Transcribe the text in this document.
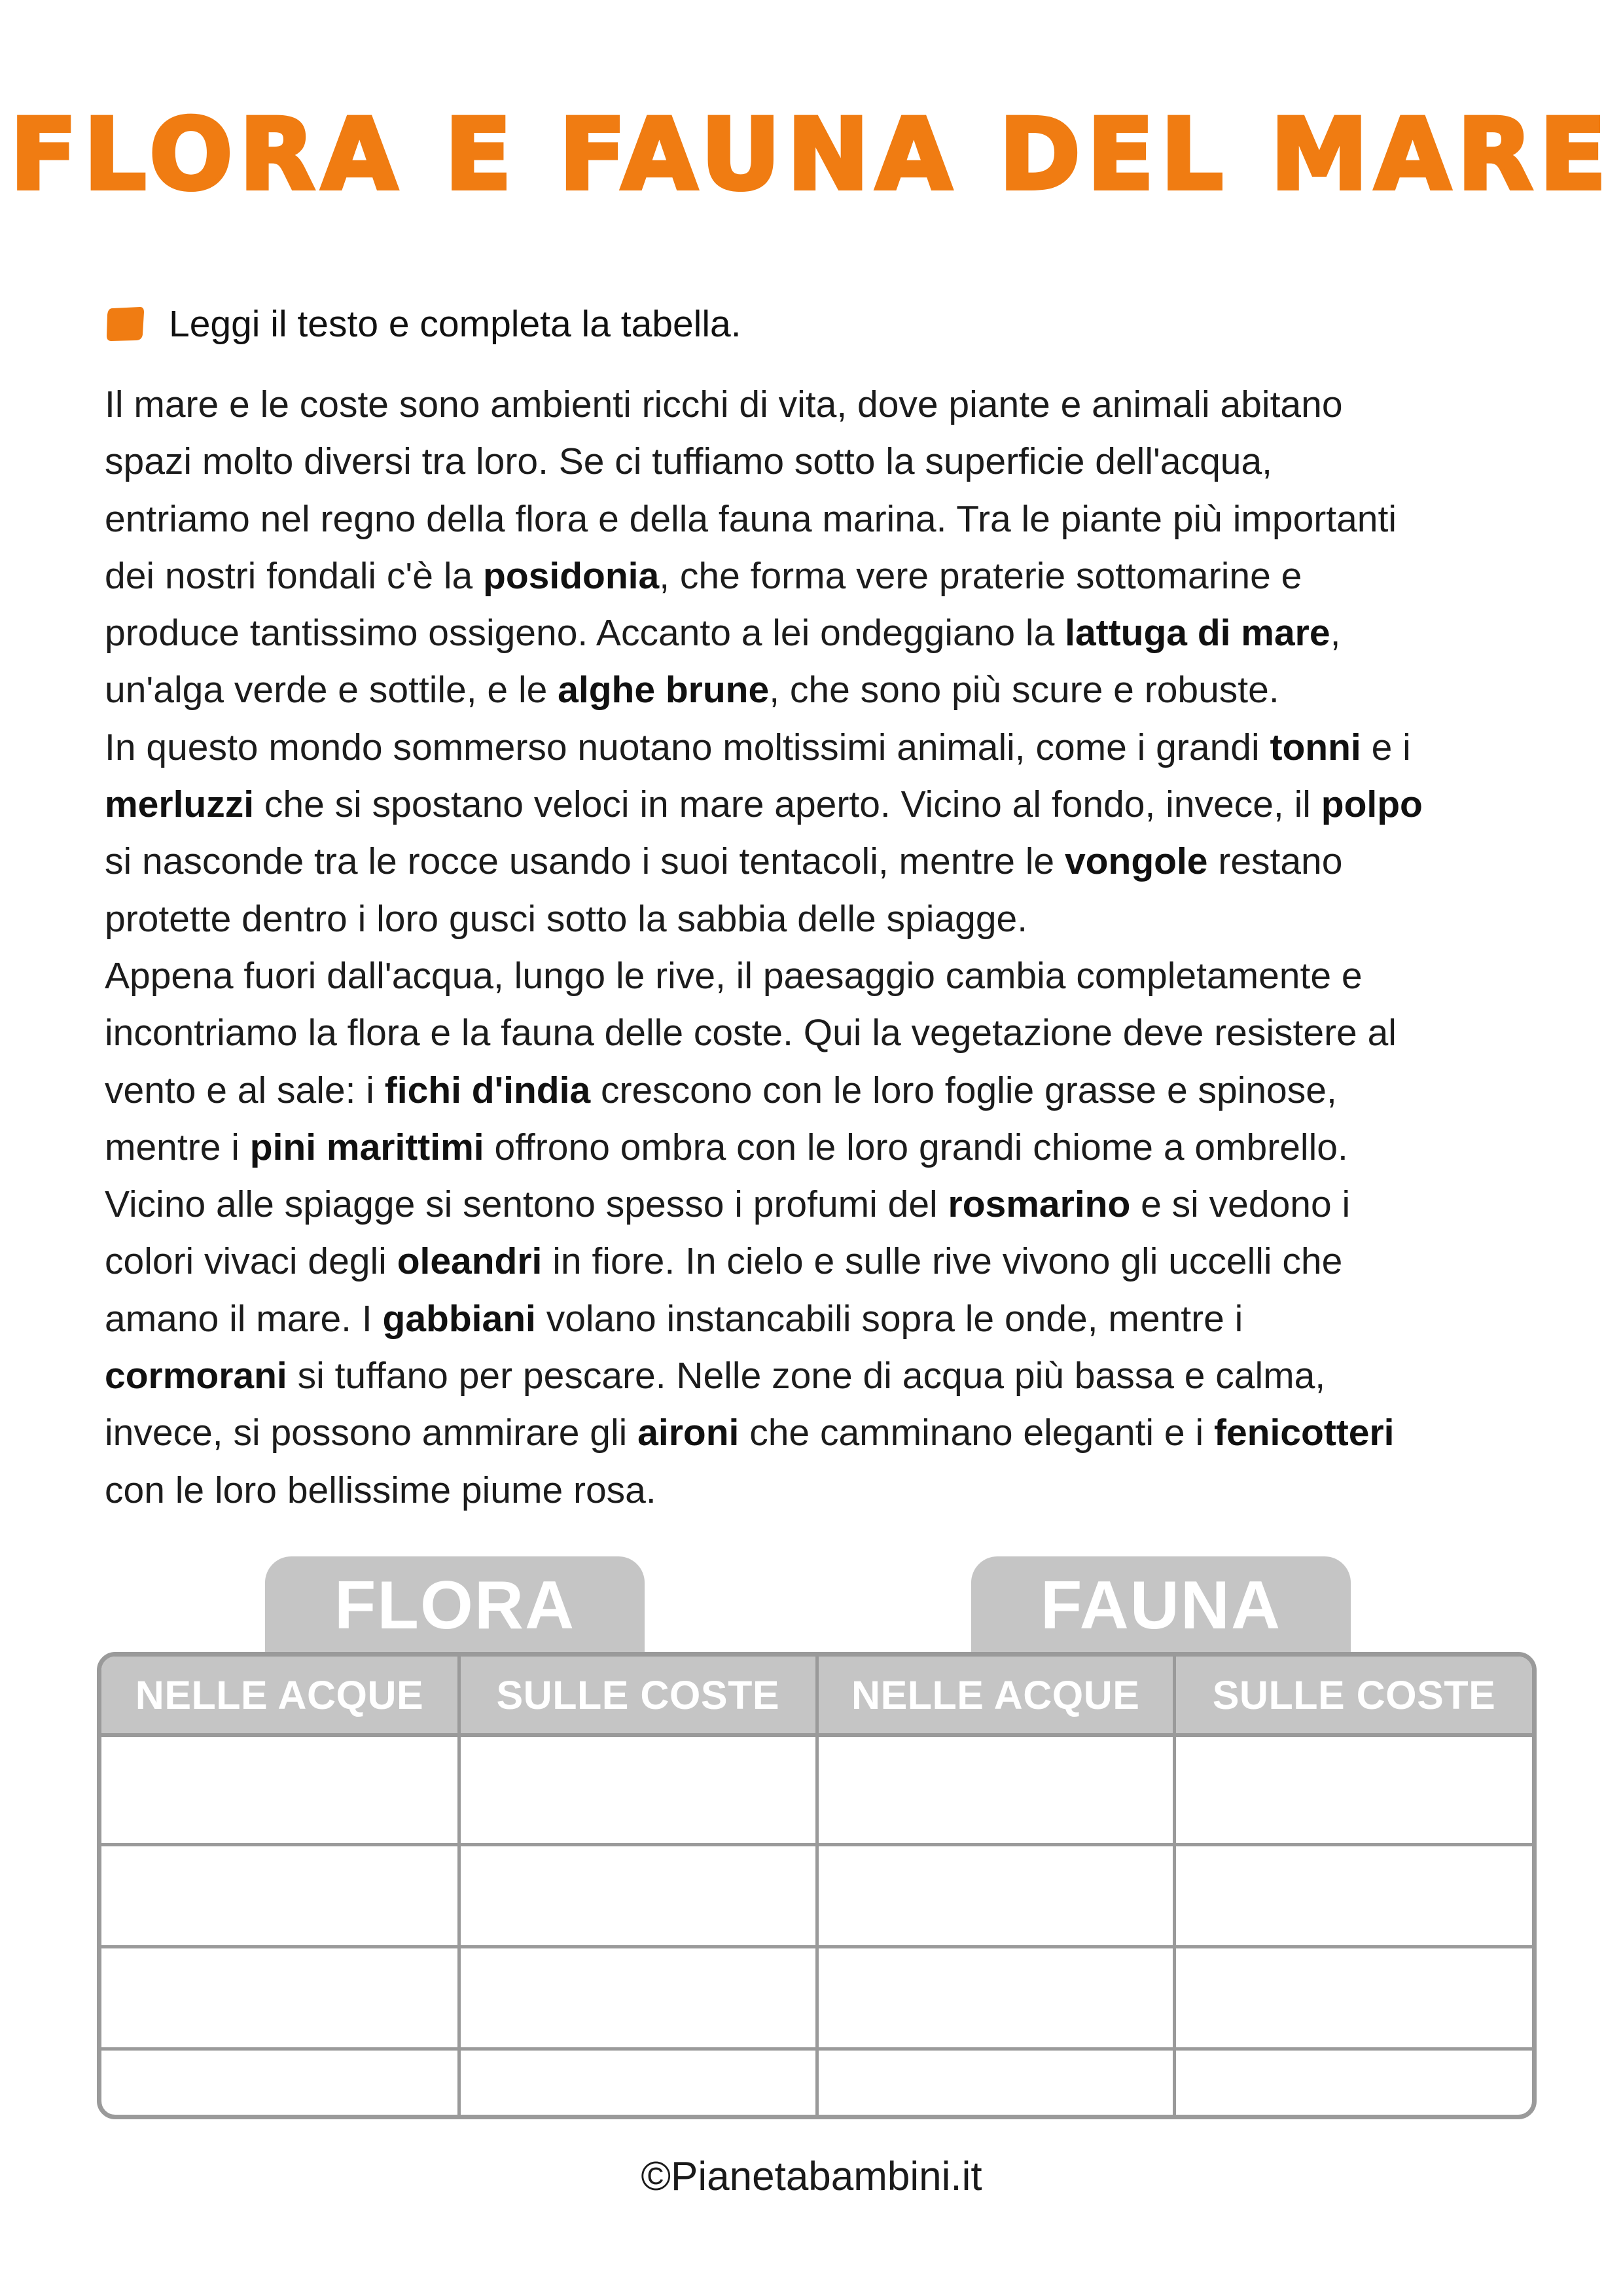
FLORA E FAUNA DEL MARE
Leggi il testo e completa la tabella.
Il mare e le coste sono ambienti ricchi di vita, dove piante e animali abitano
spazi molto diversi tra loro. Se ci tuffiamo sotto la superficie dell'acqua,
entriamo nel regno della flora e della fauna marina. Tra le piante più importanti
dei nostri fondali c'è la posidonia, che forma vere praterie sottomarine e
produce tantissimo ossigeno. Accanto a lei ondeggiano la lattuga di mare,
un'alga verde e sottile, e le alghe brune, che sono più scure e robuste.
In questo mondo sommerso nuotano moltissimi animali, come i grandi tonni e i
merluzzi che si spostano veloci in mare aperto. Vicino al fondo, invece, il polpo
si nasconde tra le rocce usando i suoi tentacoli, mentre le vongole restano
protette dentro i loro gusci sotto la sabbia delle spiagge.
Appena fuori dall'acqua, lungo le rive, il paesaggio cambia completamente e
incontriamo la flora e la fauna delle coste. Qui la vegetazione deve resistere al
vento e al sale: i fichi d'india crescono con le loro foglie grasse e spinose,
mentre i pini marittimi offrono ombra con le loro grandi chiome a ombrello.
Vicino alle spiagge si sentono spesso i profumi del rosmarino e si vedono i
colori vivaci degli oleandri in fiore. In cielo e sulle rive vivono gli uccelli che
amano il mare. I gabbiani volano instancabili sopra le onde, mentre i
cormorani si tuffano per pescare. Nelle zone di acqua più bassa e calma,
invece, si possono ammirare gli aironi che camminano eleganti e i fenicotteri
con le loro bellissime piume rosa.
FLORA	FAUNA
NELLE ACQUE	SULLE COSTE	NELLE ACQUE	SULLE COSTE

©Pianetabambini.it
